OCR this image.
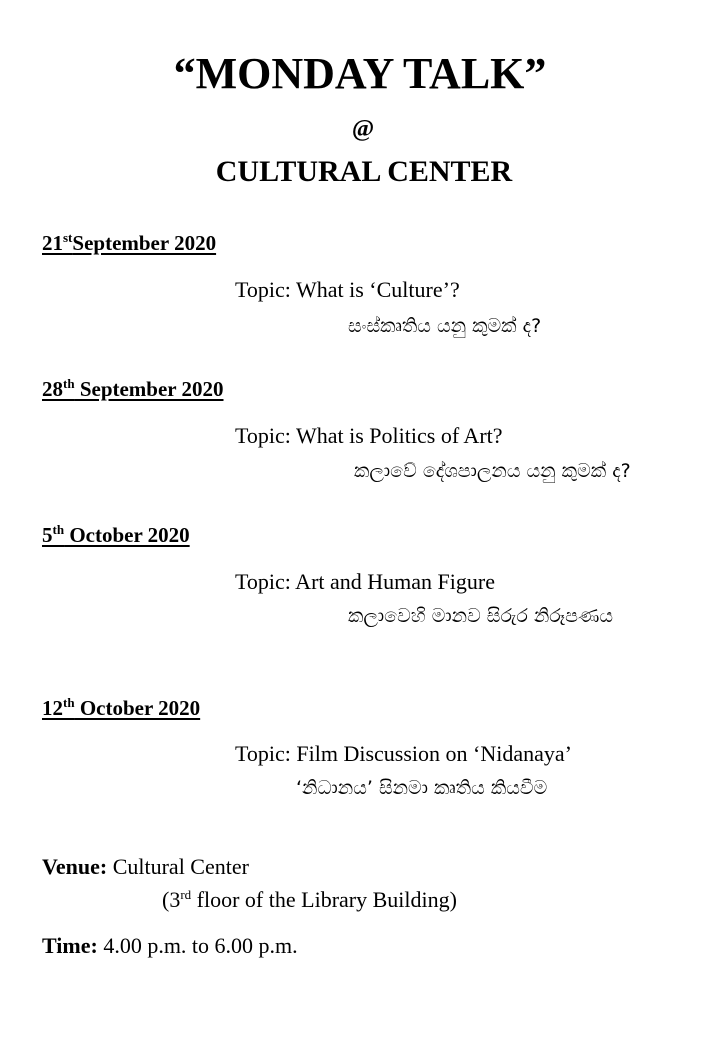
“MONDAY TALK”
@
CULTURAL CENTER
21stSeptember 2020
Topic: What is ‘Culture’?
සංස්කෘතිය යනු කුමක් ද?
28th September 2020
Topic: What is Politics of Art?
කලාවේ දේශපාලනය යනු කුමක් ද?
5th October 2020
Topic: Art and Human Figure
කලාවෙහි මානව සිරුර නිරූපණය
12th October 2020
Topic: Film Discussion on ‘Nidanaya’
‘නිධානය’ සිනමා කෘතිය කියවීම
Venue: Cultural Center
(3rd floor of the Library Building)
Time: 4.00 p.m. to 6.00 p.m.
